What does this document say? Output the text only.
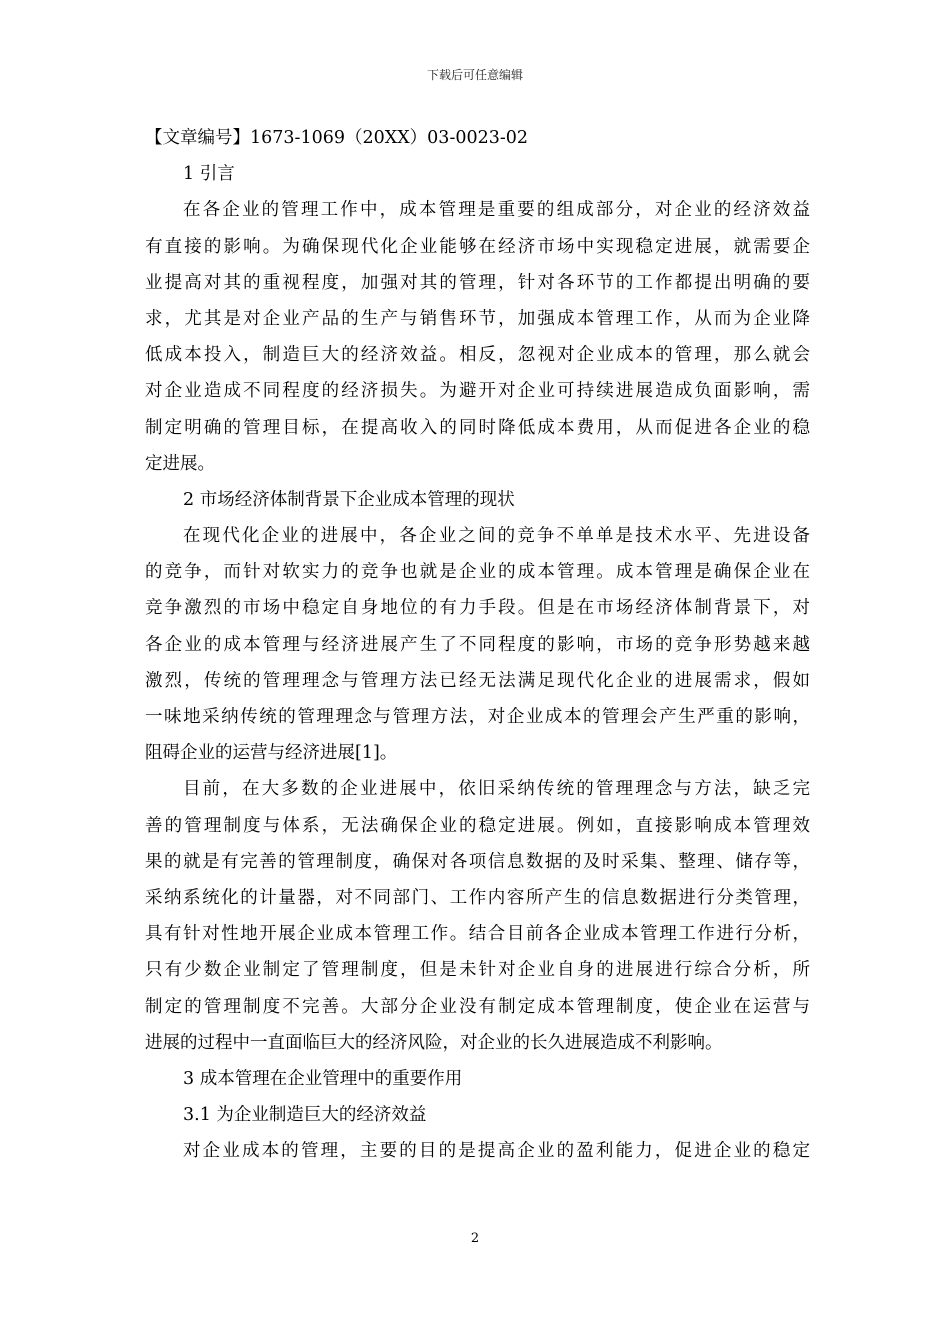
下载后可任意编辑
【文章编号】1673-1069（20XX）03-0023-02
1 引言
在各企业的管理工作中，成本管理是重要的组成部分，对企业的经济效益
有直接的影响。为确保现代化企业能够在经济市场中实现稳定进展，就需要企
业提高对其的重视程度，加强对其的管理，针对各环节的工作都提出明确的要
求，尤其是对企业产品的生产与销售环节，加强成本管理工作，从而为企业降
低成本投入，制造巨大的经济效益。相反，忽视对企业成本的管理，那么就会
对企业造成不同程度的经济损失。为避开对企业可持续进展造成负面影响，需
制定明确的管理目标，在提高收入的同时降低成本费用，从而促进各企业的稳
定进展。
2 市场经济体制背景下企业成本管理的现状
在现代化企业的进展中，各企业之间的竞争不单单是技术水平、先进设备
的竞争，而针对软实力的竞争也就是企业的成本管理。成本管理是确保企业在
竞争激烈的市场中稳定自身地位的有力手段。但是在市场经济体制背景下，对
各企业的成本管理与经济进展产生了不同程度的影响，市场的竞争形势越来越
激烈，传统的管理理念与管理方法已经无法满足现代化企业的进展需求，假如
一味地采纳传统的管理理念与管理方法，对企业成本的管理会产生严重的影响，
阻碍企业的运营与经济进展[1]。
目前，在大多数的企业进展中，依旧采纳传统的管理理念与方法，缺乏完
善的管理制度与体系，无法确保企业的稳定进展。例如，直接影响成本管理效
果的就是有完善的管理制度，确保对各项信息数据的及时采集、整理、储存等，
采纳系统化的计量器，对不同部门、工作内容所产生的信息数据进行分类管理，
具有针对性地开展企业成本管理工作。结合目前各企业成本管理工作进行分析，
只有少数企业制定了管理制度，但是未针对企业自身的进展进行综合分析，所
制定的管理制度不完善。大部分企业没有制定成本管理制度，使企业在运营与
进展的过程中一直面临巨大的经济风险，对企业的长久进展造成不利影响。
3 成本管理在企业管理中的重要作用
3.1 为企业制造巨大的经济效益
对企业成本的管理，主要的目的是提高企业的盈利能力，促进企业的稳定
2
